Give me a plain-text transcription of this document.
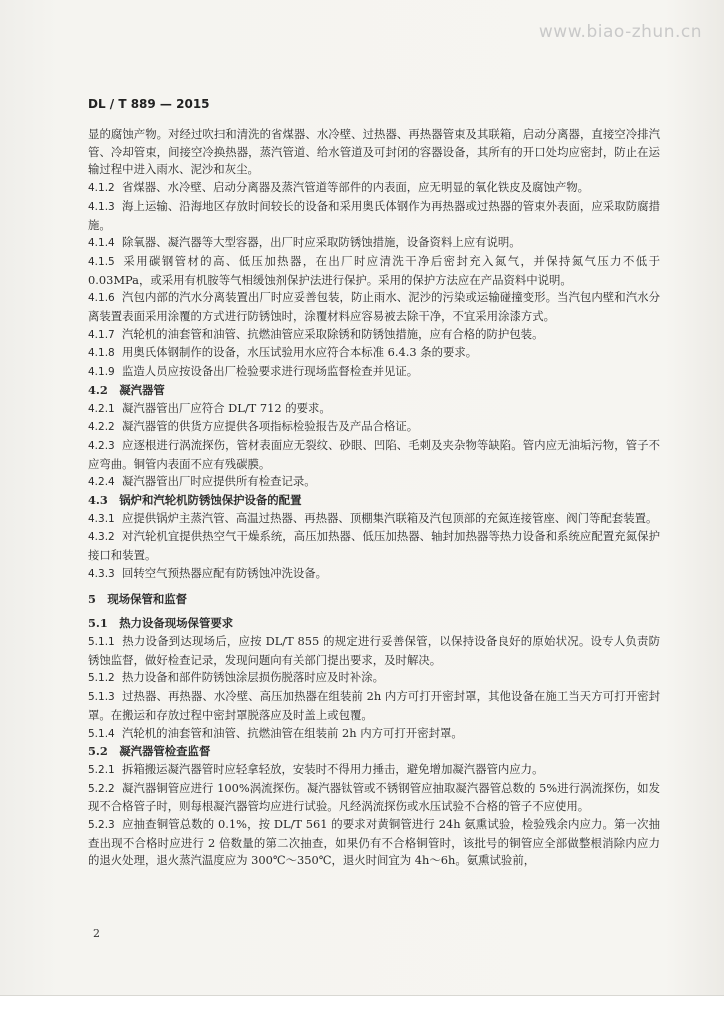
www.biao-zhun.cn
DL / T 889 — 2015

显的腐蚀产物。对经过吹扫和清洗的省煤器、水冷壁、过热器、再热器管束及其联箱，启动分离器，直接空冷排汽管、冷却管束，间接空冷换热器，蒸汽管道、给水管道及可封闭的容器设备，其所有的开口处均应密封，防止在运输过程中进入雨水、泥沙和灰尘。

4.1.2 省煤器、水冷壁、启动分离器及蒸汽管道等部件的内表面，应无明显的氧化铁皮及腐蚀产物。

4.1.3 海上运输、沿海地区存放时间较长的设备和采用奥氏体钢作为再热器或过热器的管束外表面，应采取防腐措施。

4.1.4 除氧器、凝汽器等大型容器，出厂时应采取防锈蚀措施，设备资料上应有说明。

4.1.5 采用碳钢管材的高、低压加热器，在出厂时应清洗干净后密封充入氮气，并保持氮气压力不低于0.03MPa，或采用有机胺等气相缓蚀剂保护法进行保护。采用的保护方法应在产品资料中说明。

4.1.6 汽包内部的汽水分离装置出厂时应妥善包装，防止雨水、泥沙的污染或运输碰撞变形。当汽包内壁和汽水分离装置表面采用涂覆的方式进行防锈蚀时，涂覆材料应容易被去除干净，不宜采用涂漆方式。

4.1.7 汽轮机的油套管和油管、抗燃油管应采取除锈和防锈蚀措施，应有合格的防护包装。

4.1.8 用奥氏体钢制作的设备，水压试验用水应符合本标准 6.4.3 条的要求。

4.1.9 监造人员应按设备出厂检验要求进行现场监督检查并见证。

4.2　凝汽器管

4.2.1 凝汽器管出厂应符合 DL/T 712 的要求。

4.2.2 凝汽器管的供货方应提供各项指标检验报告及产品合格证。

4.2.3 应逐根进行涡流探伤，管材表面应无裂纹、砂眼、凹陷、毛刺及夹杂物等缺陷。管内应无油垢污物，管子不应弯曲。铜管内表面不应有残碳膜。

4.2.4 凝汽器管出厂时应提供所有检查记录。

4.3　锅炉和汽轮机防锈蚀保护设备的配置

4.3.1 应提供锅炉主蒸汽管、高温过热器、再热器、顶棚集汽联箱及汽包顶部的充氮连接管座、阀门等配套装置。

4.3.2 对汽轮机宜提供热空气干燥系统，高压加热器、低压加热器、轴封加热器等热力设备和系统应配置充氮保护接口和装置。

4.3.3 回转空气预热器应配有防锈蚀冲洗设备。

5　现场保管和监督

5.1　热力设备现场保管要求

5.1.1 热力设备到达现场后，应按 DL/T 855 的规定进行妥善保管，以保持设备良好的原始状况。设专人负责防锈蚀监督，做好检查记录，发现问题向有关部门提出要求，及时解决。

5.1.2 热力设备和部件防锈蚀涂层损伤脱落时应及时补涂。

5.1.3 过热器、再热器、水冷壁、高压加热器在组装前 2h 内方可打开密封罩，其他设备在施工当天方可打开密封罩。在搬运和存放过程中密封罩脱落应及时盖上或包覆。

5.1.4 汽轮机的油套管和油管、抗燃油管在组装前 2h 内方可打开密封罩。

5.2　凝汽器管检查监督

5.2.1 拆箱搬运凝汽器管时应轻拿轻放，安装时不得用力捶击，避免增加凝汽器管内应力。

5.2.2 凝汽器铜管应进行 100%涡流探伤。凝汽器钛管或不锈钢管应抽取凝汽器管总数的 5%进行涡流探伤，如发现不合格管子时，则每根凝汽器管均应进行试验。凡经涡流探伤或水压试验不合格的管子不应使用。

5.2.3 应抽查铜管总数的 0.1%，按 DL/T 561 的要求对黄铜管进行 24h 氨熏试验，检验残余内应力。第一次抽查出现不合格时应进行 2 倍数量的第二次抽查，如果仍有不合格铜管时，该批号的铜管应全部做整根消除内应力的退火处理，退火蒸汽温度应为 300℃～350℃，退火时间宜为 4h～6h。氨熏试验前，

2
